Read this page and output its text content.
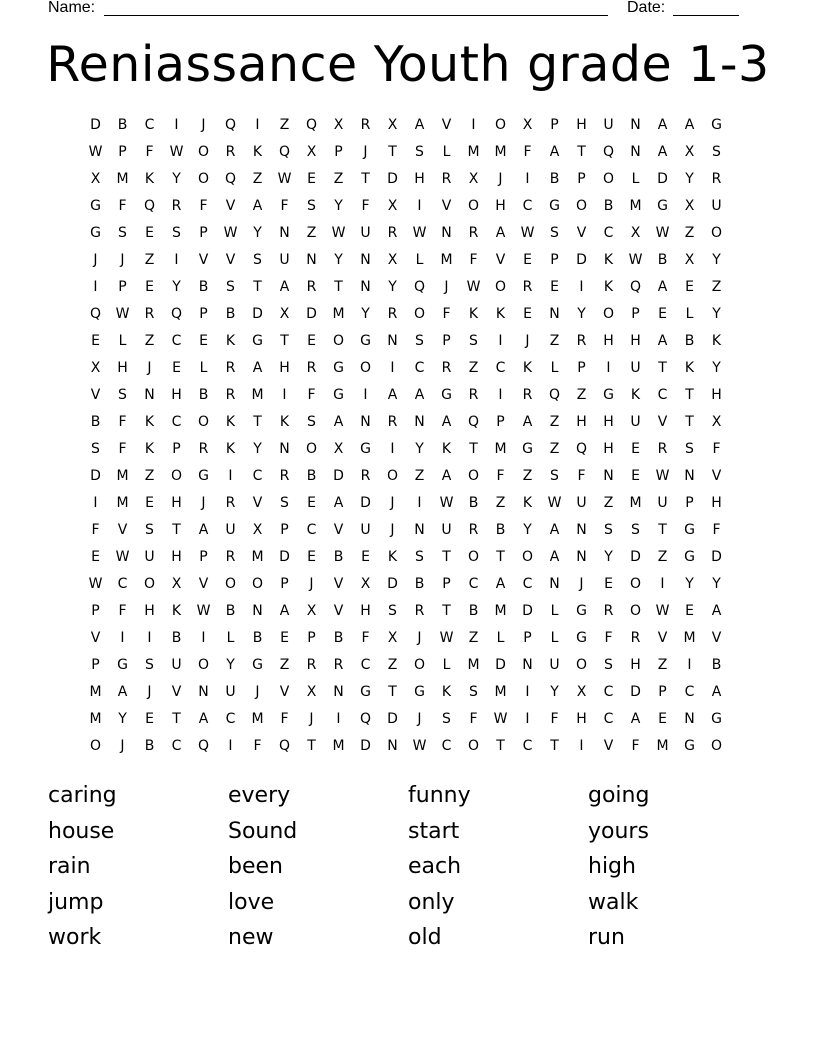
Name:	Date:
Reniassance Youth grade 1-3
D	B	C	I	J	Q	I	Z	Q	X	R	X	A	V	I	O	X	P	H	U	N	A	A	G
W	P	F	W	O	R	K	Q	X	P	J	T	S	L	M	M	F	A	T	Q	N	A	X	S
X	M	K	Y	O	Q	Z	W	E	Z	T	D	H	R	X	J	I	B	P	O	L	D	Y	R
G	F	Q	R	F	V	A	F	S	Y	F	X	I	V	O	H	C	G	O	B	M	G	X	U
G	S	E	S	P	W	Y	N	Z	W	U	R	W	N	R	A	W	S	V	C	X	W	Z	O
J	J	Z	I	V	V	S	U	N	Y	N	X	L	M	F	V	E	P	D	K	W	B	X	Y
I	P	E	Y	B	S	T	A	R	T	N	Y	Q	J	W	O	R	E	I	K	Q	A	E	Z
Q	W	R	Q	P	B	D	X	D	M	Y	R	O	F	K	K	E	N	Y	O	P	E	L	Y
E	L	Z	C	E	K	G	T	E	O	G	N	S	P	S	I	J	Z	R	H	H	A	B	K
X	H	J	E	L	R	A	H	R	G	O	I	C	R	Z	C	K	L	P	I	U	T	K	Y
V	S	N	H	B	R	M	I	F	G	I	A	A	G	R	I	R	Q	Z	G	K	C	T	H
B	F	K	C	O	K	T	K	S	A	N	R	N	A	Q	P	A	Z	H	H	U	V	T	X
S	F	K	P	R	K	Y	N	O	X	G	I	Y	K	T	M	G	Z	Q	H	E	R	S	F
D	M	Z	O	G	I	C	R	B	D	R	O	Z	A	O	F	Z	S	F	N	E	W	N	V
I	M	E	H	J	R	V	S	E	A	D	J	I	W	B	Z	K	W	U	Z	M	U	P	H
F	V	S	T	A	U	X	P	C	V	U	J	N	U	R	B	Y	A	N	S	S	T	G	F
E	W	U	H	P	R	M	D	E	B	E	K	S	T	O	T	O	A	N	Y	D	Z	G	D
W	C	O	X	V	O	O	P	J	V	X	D	B	P	C	A	C	N	J	E	O	I	Y	Y
P	F	H	K	W	B	N	A	X	V	H	S	R	T	B	M	D	L	G	R	O	W	E	A
V	I	I	B	I	L	B	E	P	B	F	X	J	W	Z	L	P	L	G	F	R	V	M	V
P	G	S	U	O	Y	G	Z	R	R	C	Z	O	L	M	D	N	U	O	S	H	Z	I	B
M	A	J	V	N	U	J	V	X	N	G	T	G	K	S	M	I	Y	X	C	D	P	C	A
M	Y	E	T	A	C	M	F	J	I	Q	D	J	S	F	W	I	F	H	C	A	E	N	G
O	J	B	C	Q	I	F	Q	T	M	D	N	W	C	O	T	C	T	I	V	F	M	G	O
caring	every	funny	going
house	Sound	start	yours
rain	been	each	high
jump	love	only	walk
work	new	old	run
